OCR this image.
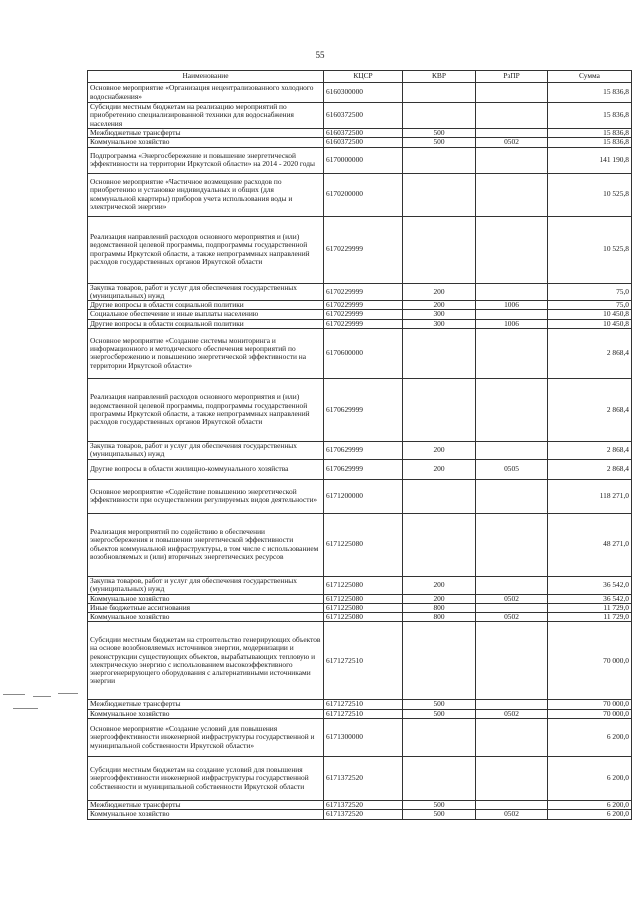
55
Наименование	КЦСР	КВР	РзПР	Сумма
Основное мероприятие «Организация нецентрализованного холодного водоснабжения»	6160300000			15 836,8
Субсидии местным бюджетам на реализацию мероприятий по приобретению специализированной техники для водоснабжения населения	6160372500			15 836,8
Межбюджетные трансферты	6160372500	500		15 836,8
Коммунальное хозяйство	6160372500	500	0502	15 836,8
Подпрограмма «Энергосбережение и повышение энергетической эффективности на территории Иркутской области» на 2014 - 2020 годы	6170000000			141 190,8
Основное мероприятие «Частичное возмещение расходов по приобретению и установке индивидуальных и общих (для коммунальной квартиры) приборов учета использования воды и электрической энергии»	6170200000			10 525,8
Реализация направлений расходов основного мероприятия и (или) ведомственной целевой программы, подпрограммы государственной программы Иркутской области, а также непрограммных направлений расходов государственных органов Иркутской области	6170229999			10 525,8
Закупка товаров, работ и услуг для обеспечения государственных (муниципальных) нужд	6170229999	200		75,0
Другие вопросы в области социальной политики	6170229999	200	1006	75,0
Социальное обеспечение и иные выплаты населению	6170229999	300		10 450,8
Другие вопросы в области социальной политики	6170229999	300	1006	10 450,8
Основное мероприятие «Создание системы мониторинга и информационного и методического обеспечения мероприятий по энергосбережению и повышению энергетической эффективности на территории Иркутской области»	6170600000			2 868,4
Реализация направлений расходов основного мероприятия и (или) ведомственной целевой программы, подпрограммы государственной программы Иркутской области, а также непрограммных направлений расходов государственных органов Иркутской области	6170629999			2 868,4
Закупка товаров, работ и услуг для обеспечения государственных (муниципальных) нужд	6170629999	200		2 868,4
Другие вопросы в области жилищно-коммунального хозяйства	6170629999	200	0505	2 868,4
Основное мероприятие «Содействие повышению энергетической эффективности при осуществлении регулируемых видов деятельности»	6171200000			118 271,0
Реализация мероприятий по содействию в обеспечении энергосбережения и повышении энергетической эффективности объектов коммунальной инфраструктуры, в том числе с использованием возобновляемых и (или) вторичных энергетических ресурсов	6171225080			48 271,0
Закупка товаров, работ и услуг для обеспечения государственных (муниципальных) нужд	6171225080	200		36 542,0
Коммунальное хозяйство	6171225080	200	0502	36 542,0
Иные бюджетные ассигнования	6171225080	800		11 729,0
Коммунальное хозяйство	6171225080	800	0502	11 729,0
Субсидии местным бюджетам на строительство генерирующих объектов на основе возобновляемых источников энергии, модернизации и реконструкции существующих объектов, вырабатывающих тепловую и электрическую энергию с использованием высокоэффективного энергогенерирующего оборудования с альтернативными источниками энергии	6171272510			70 000,0
Межбюджетные трансферты	6171272510	500		70 000,0
Коммунальное хозяйство	6171272510	500	0502	70 000,0
Основное мероприятие «Создание условий для повышения энергоэффективности инженерной инфраструктуры государственной и муниципальной собственности Иркутской области»	6171300000			6 200,0
Субсидии местным бюджетам на создание условий для повышения энергоэффективности инженерной инфраструктуры государственной собственности и муниципальной собственности Иркутской области	6171372520			6 200,0
Межбюджетные трансферты	6171372520	500		6 200,0
Коммунальное хозяйство	6171372520	500	0502	6 200,0
